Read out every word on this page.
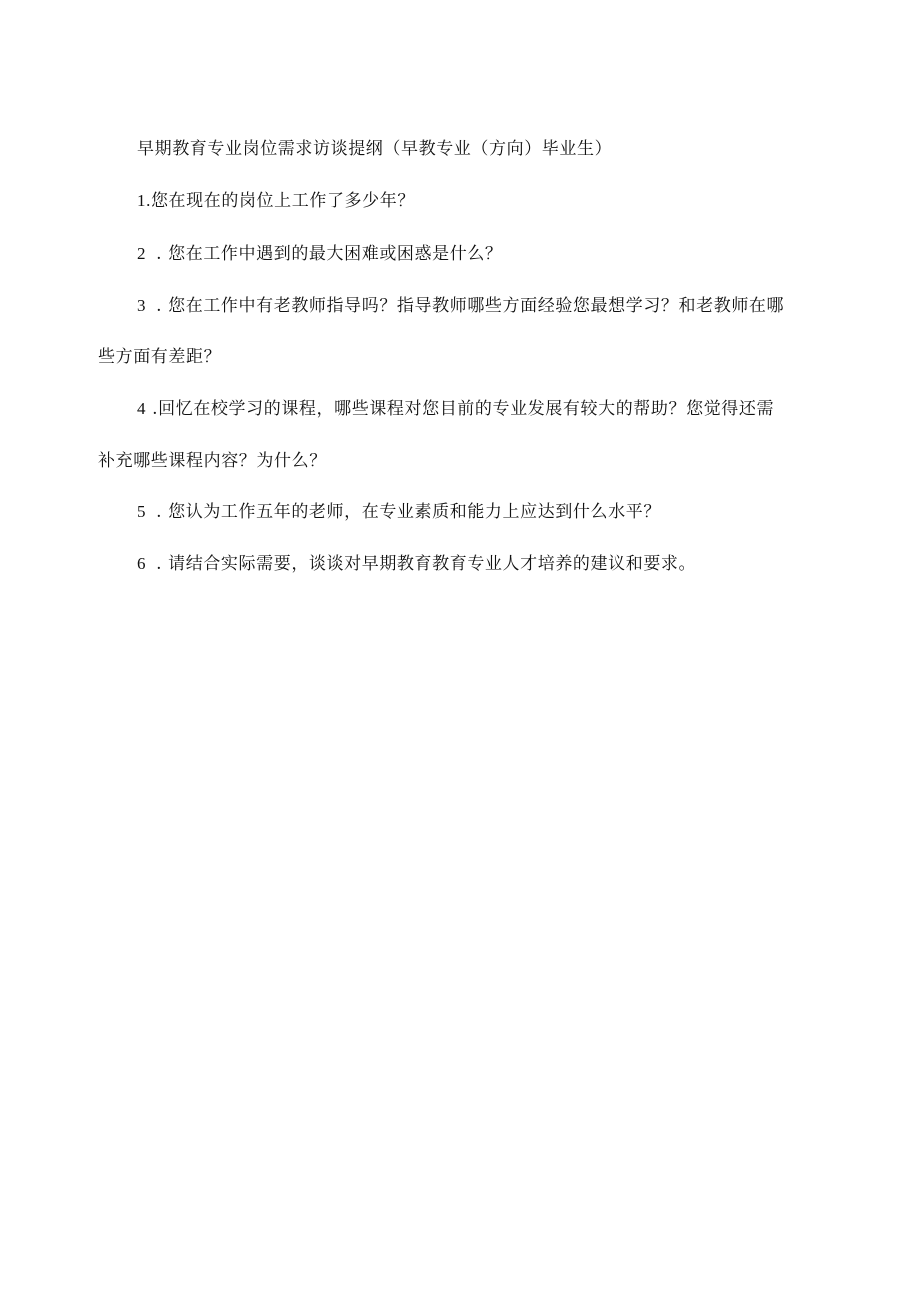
早期教育专业岗位需求访谈提纲（早教专业（方向）毕业生）
1.您在现在的岗位上工作了多少年？
2 . 您在工作中遇到的最大困难或困惑是什么？
3 . 您在工作中有老教师指导吗？指导教师哪些方面经验您最想学习？和老教师在哪
些方面有差距？
4 .回忆在校学习的课程，哪些课程对您目前的专业发展有较大的帮助？您觉得还需
补充哪些课程内容？为什么？
5 . 您认为工作五年的老师，在专业素质和能力上应达到什么水平？
6 . 请结合实际需要，谈谈对早期教育教育专业人才培养的建议和要求。
